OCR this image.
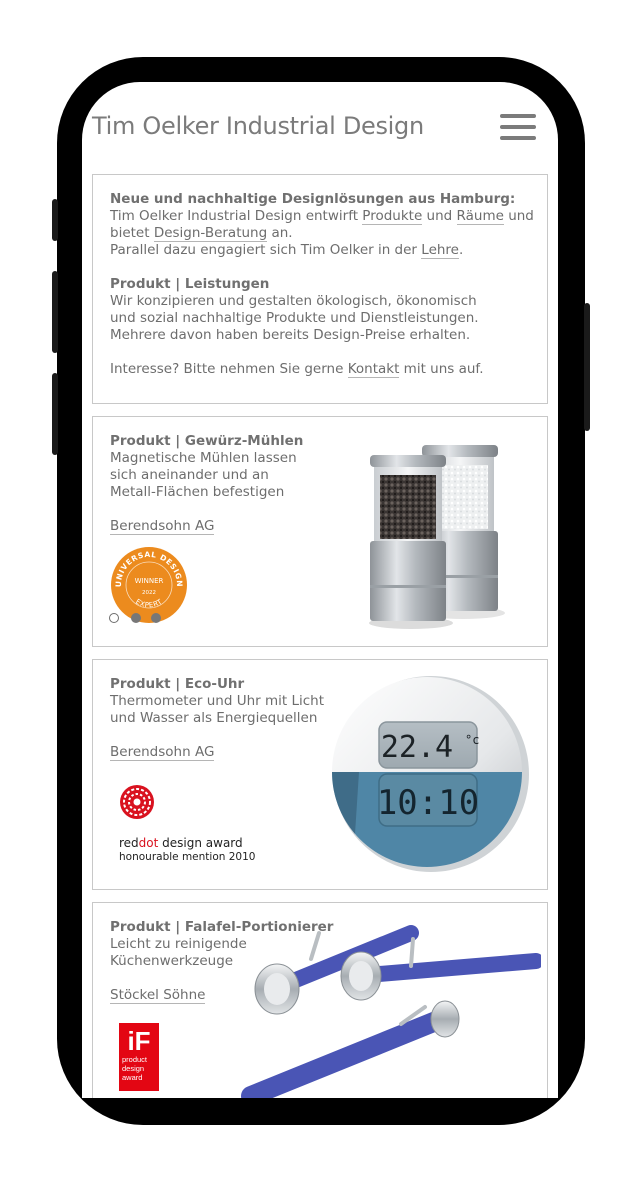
Tim Oelker Industrial Design
Neue und nachhaltige Designlösungen aus Hamburg:
Tim Oelker Industrial Design entwirft Produkte und Räume und
bietet Design-Beratung an.
Parallel dazu engagiert sich Tim Oelker in der Lehre.
Produkt | Leistungen
Wir konzipieren und gestalten ökologisch, ökonomisch
und sozial nachhaltige Produkte und Dienstleistungen.
Mehrere davon haben bereits Design-Preise erhalten.
Interesse? Bitte nehmen Sie gerne Kontakt mit uns auf.
Produkt | Gewürz-Mühlen
Magnetische Mühlen lassen
sich aneinander und an
Metall-Flächen befestigen
Berendsohn AG
UNIVERSAL DESIGN
WINNER
2022
EXPERT
Produkt | Eco-Uhr
Thermometer und Uhr mit Licht
und Wasser als Energiequellen
Berendsohn AG
reddot design award
honourable mention 2010
22.4 °c
10:10
Produkt | Falafel-Portionierer
Leicht zu reinigende
Küchenwerkzeuge
Stöckel Söhne
iF
product
design
award
